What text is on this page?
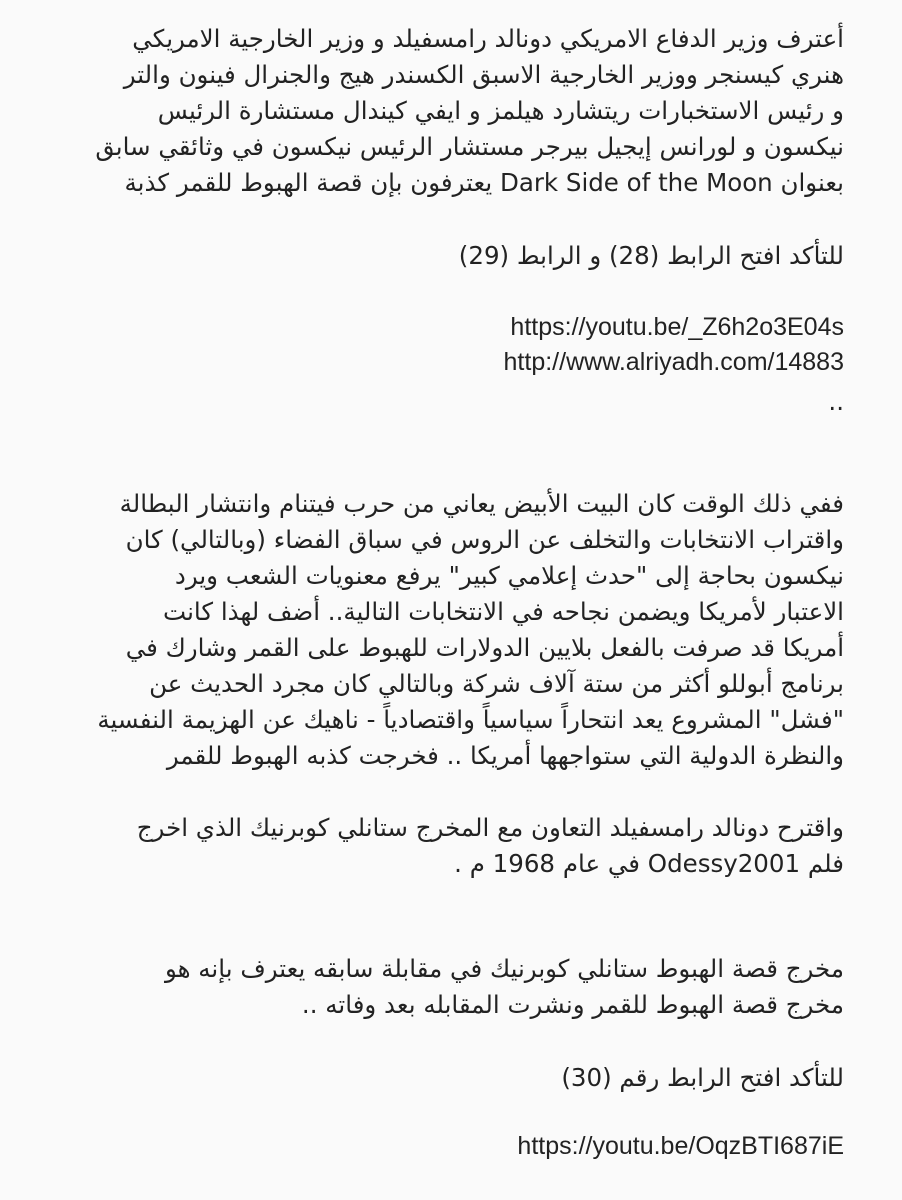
أعترف وزير الدفاع الامريكي دونالد رامسفيلد و وزير الخارجية الامريكي

هنري كيسنجر ووزير الخارجية الاسبق الكسندر هيج والجنرال فينون والتر

و رئيس الاستخبارات ريتشارد هيلمز و ايفي كيندال مستشارة الرئيس

نيكسون و لورانس إيجيل بيرجر مستشار الرئيس نيكسون في وثائقي سابق

بعنوان Dark Side of the Moon يعترفون بإن قصة الهبوط للقمر كذبة

للتأكد افتح الرابط (28) و الرابط (29)

https://youtu.be/_Z6h2o3E04s

http://www.alriyadh.com/14883

..

ففي ذلك الوقت كان البيت الأبيض يعاني من حرب فيتنام وانتشار البطالة

واقتراب الانتخابات والتخلف عن الروس في سباق الفضاء (وبالتالي) كان

نيكسون بحاجة إلى "حدث إعلامي كبير" يرفع معنويات الشعب ويرد

الاعتبار لأمريكا ويضمن نجاحه في الانتخابات التالية.. أضف لهذا كانت

أمريكا قد صرفت بالفعل بلايين الدولارات للهبوط على القمر وشارك في

برنامج أبوللو أكثر من ستة آلاف شركة وبالتالي كان مجرد الحديث عن

"فشل" المشروع يعد انتحاراً سياسياً واقتصادياً - ناهيك عن الهزيمة النفسية

والنظرة الدولية التي ستواجهها أمريكا .. فخرجت كذبه الهبوط للقمر

واقترح دونالد رامسفيلد التعاون مع المخرج ستانلي كوبرنيك الذي اخرج

فلم Odessy2001 في عام 1968 م .

مخرج قصة الهبوط ستانلي كوبرنيك في مقابلة سابقه يعترف بإنه هو

مخرج قصة الهبوط للقمر ونشرت المقابله بعد وفاته ..

للتأكد افتح الرابط رقم (30)

https://youtu.be/OqzBTI687iE
